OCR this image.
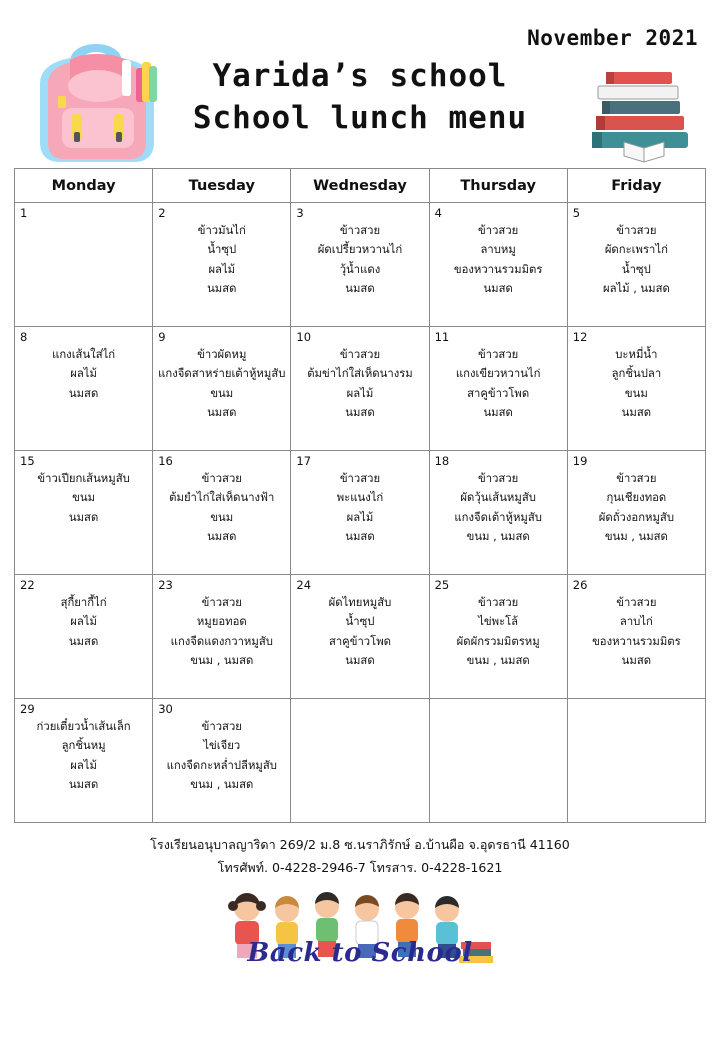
November 2021
Yarida’s school
School lunch menu
Monday	Tuesday	Wednesday	Thursday	Friday

1	2
ข้าวมันไก่
น้ำซุป
ผลไม้
นมสด

3
ข้าวสวย
ผัดเปรี้ยวหวานไก่
วุ้น้ำแดง
นมสด

4
ข้าวสวย
ลาบหมู
ของหวานรวมมิตร
นมสด

5
ข้าวสวย
ผัดกะเพราไก่
น้ำซุป
ผลไม้ , นมสด

8
แกงเส้นใส่ไก่
ผลไม้
นมสด

9
ข้าวผัดหมู
แกงจืดสาหร่ายเต้าหู้หมูสับ
ขนม
นมสด

10
ข้าวสวย
ต้มข่าไก่ใส่เห็ดนางรม
ผลไม้
นมสด

11
ข้าวสวย
แกงเขียวหวานไก่
สาคูข้าวโพด
นมสด

12
บะหมี่น้ำ
ลูกชิ้นปลา
ขนม
นมสด

15
ข้าวเปียกเส้นหมูสับ
ขนม
นมสด

16
ข้าวสวย
ต้มยำไก่ใส่เห็ดนางฟ้า
ขนม
นมสด

17
ข้าวสวย
พะแนงไก่
ผลไม้
นมสด

18
ข้าวสวย
ผัดวุ้นเส้นหมูสับ
แกงจืดเต้าหู้หมูสับ
ขนม , นมสด

19
ข้าวสวย
กุนเชียงทอด
ผัดถั่วงอกหมูสับ
ขนม , นมสด

22
สุกี้ยากี้ไก่
ผลไม้
นมสด

23
ข้าวสวย
หมูยอทอด
แกงจืดแดงกวาหมูสับ
ขนม , นมสด

24
ผัดไทยหมูสับ
น้ำซุป
สาคูข้าวโพด
นมสด

25
ข้าวสวย
ไข่พะโล้
ผัดผักรวมมิตรหมู
ขนม , นมสด

26
ข้าวสวย
ลาบไก่
ของหวานรวมมิตร
นมสด

29
ก่วยเตี๋ยวน้ำเส้นเล็ก
ลูกชิ้นหมู
ผลไม้
นมสด

30
ข้าวสวย
ไข่เจียว
แกงจืดกะหล่ำปลีหมูสับ
ขนม , นมสด

โรงเรียนอนุบาลญาริดา 269/2 ม.8 ซ.นราภิรักษ์ อ.บ้านผือ จ.อุดรธานี 41160
โทรศัพท์. 0-4228-2946-7 โทรสาร. 0-4228-1621
Back to School
